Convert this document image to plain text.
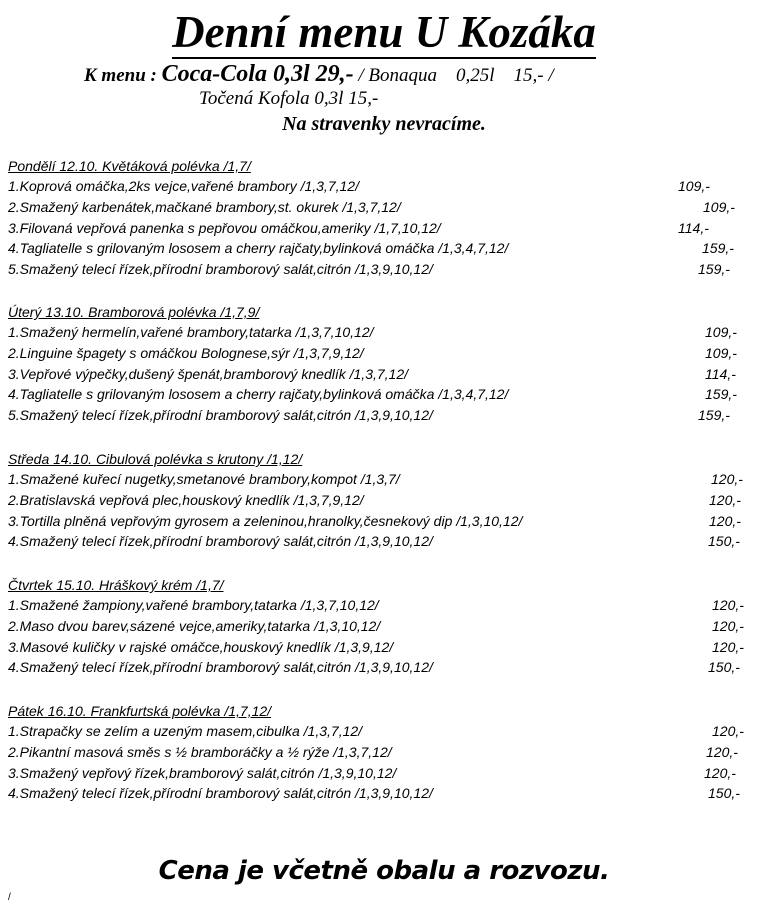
Denní menu U Kozáka
K menu : Coca-Cola 0,3l 29,- / Bonaqua 0,25l 15,- /
Točená Kofola 0,3l 15,-
Na stravenky nevracíme.
Pondělí 12.10. Květáková polévka /1,7/
1.Koprová omáčka,2ks vejce,vařené brambory /1,3,7,12/	109,-
2.Smažený karbenátek,mačkané brambory,st. okurek /1,3,7,12/	109,-
3.Filovaná vepřová panenka s pepřovou omáčkou,ameriky /1,7,10,12/	114,-
4.Tagliatelle s grilovaným lososem a cherry rajčaty,bylinková omáčka /1,3,4,7,12/	159,-
5.Smažený telecí řízek,přírodní bramborový salát,citrón /1,3,9,10,12/	159,-
Úterý 13.10. Bramborová polévka /1,7,9/
1.Smažený hermelín,vařené brambory,tatarka /1,3,7,10,12/	109,-
2.Linguine špagety s omáčkou Bolognese,sýr /1,3,7,9,12/	109,-
3.Vepřové výpečky,dušený špenát,bramborový knedlík /1,3,7,12/	114,-
4.Tagliatelle s grilovaným lososem a cherry rajčaty,bylinková omáčka /1,3,4,7,12/	159,-
5.Smažený telecí řízek,přírodní bramborový salát,citrón /1,3,9,10,12/	159,-
Středa 14.10. Cibulová polévka s krutony /1,12/
1.Smažené kuřecí nugetky,smetanové brambory,kompot /1,3,7/	120,-
2.Bratislavská vepřová plec,houskový knedlík /1,3,7,9,12/	120,-
3.Tortilla plněná vepřovým gyrosem a zeleninou,hranolky,česnekový dip /1,3,10,12/	120,-
4.Smažený telecí řízek,přírodní bramborový salát,citrón /1,3,9,10,12/	150,-
Čtvrtek 15.10. Hráškový krém /1,7/
1.Smažené žampiony,vařené brambory,tatarka /1,3,7,10,12/	120,-
2.Maso dvou barev,sázené vejce,ameriky,tatarka /1,3,10,12/	120,-
3.Masové kuličky v rajské omáčce,houskový knedlík /1,3,9,12/	120,-
4.Smažený telecí řízek,přírodní bramborový salát,citrón /1,3,9,10,12/	150,-
Pátek 16.10. Frankfurtská polévka /1,7,12/
1.Strapačky se zelím a uzeným masem,cibulka /1,3,7,12/	120,-
2.Pikantní masová směs s ½ bramboráčky a ½ rýže /1,3,7,12/	120,-
3.Smažený vepřový řízek,bramborový salát,citrón /1,3,9,10,12/	120,-
4.Smažený telecí řízek,přírodní bramborový salát,citrón /1,3,9,10,12/	150,-
Cena je včetně obalu a rozvozu.
/
